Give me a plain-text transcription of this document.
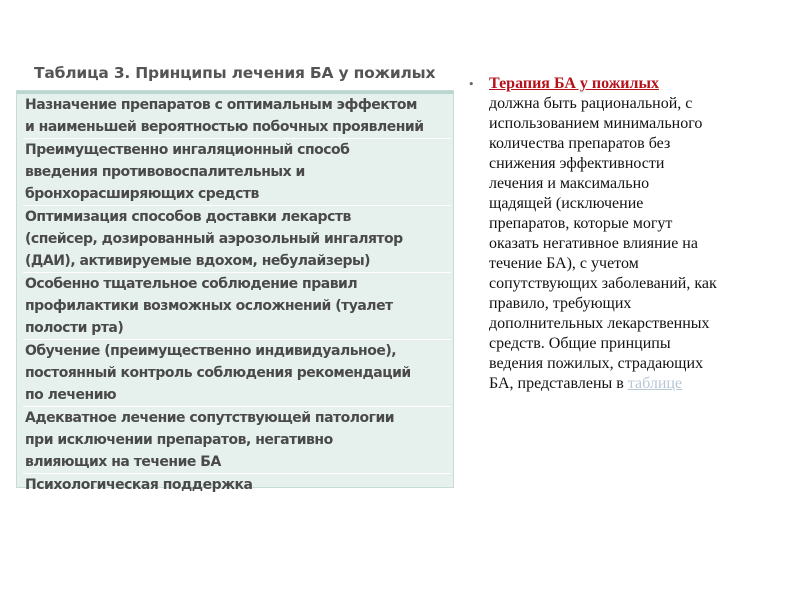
Таблица 3. Принципы лечения БА у пожилых
Назначение препаратов с оптимальным эффектом
и наименьшей вероятностью побочных проявлений
Преимущественно ингаляционный способ
введения противовоспалительных и
бронхорасширяющих средств
Оптимизация способов доставки лекарств
(спейсер, дозированный аэрозольный ингалятор
(ДАИ), активируемые вдохом, небулайзеры)
Особенно тщательное соблюдение правил
профилактики возможных осложнений (туалет
полости рта)
Обучение (преимущественно индивидуальное),
постоянный контроль соблюдения рекомендаций
по лечению
Адекватное лечение сопутствующей патологии
при исключении препаратов, негативно
влияющих на течение БА
Психологическая поддержка
• Терапия БА у пожилых
должна быть рациональной, с
использованием минимального
количества препаратов без
снижения эффективности
лечения и максимально
щадящей (исключение
препаратов, которые могут
оказать негативное влияние на
течение БА), с учетом
сопутствующих заболеваний, как
правило, требующих
дополнительных лекарственных
средств. Общие принципы
ведения пожилых, страдающих
БА, представлены в таблице
